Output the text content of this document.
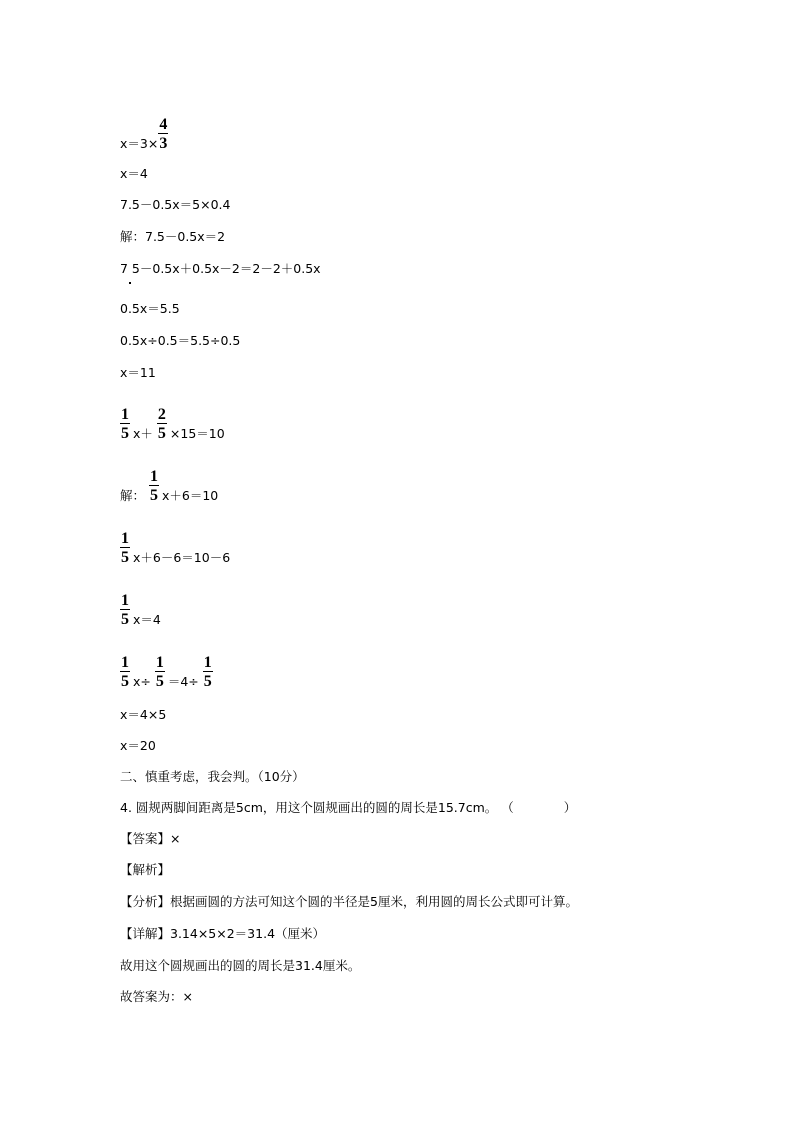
$x=3\times \frac{4}{3}$
x＝4
7.5－0.5x＝5×0.4
解：7.5－0.5x＝2
7 5－0.5x＋0.5x－2＝2－2＋0.5x
0.5x＝5.5
0.5x÷0.5＝5.5÷0.5
x＝11
$\frac{1}{5} x+ \frac{2}{5} \times 15=10$
解： $\frac{1}{5} x+6=10$
$\frac{1}{5} x+6-6=10-6$
$\frac{1}{5} x=4$
$\frac{1}{5} x\div \frac{1}{5} =4\div \frac{1}{5}$
x＝4×5
x＝20
二、慎重考虑，我会判。（10分）
4. 圆规两脚间距离是5cm，用这个圆规画出的圆的周长是15.7cm。 （　　　　）
【答案】×
【解析】
【分析】根据画圆的方法可知这个圆的半径是5厘米，利用圆的周长公式即可计算。
【详解】3.14×5×2＝31.4（厘米）
故用这个圆规画出的圆的周长是31.4厘米。
故答案为：×
